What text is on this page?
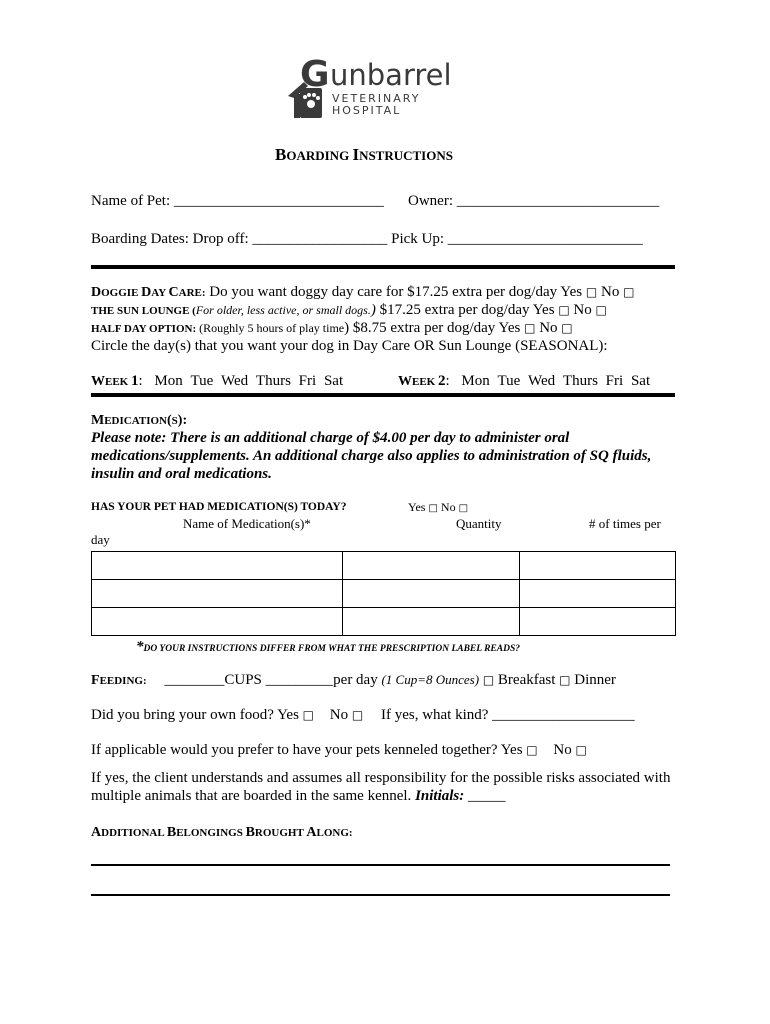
G unbarrel
VETERINARY
HOSPITAL
BOARDING INSTRUCTIONS
Name of Pet: ____________________________ Owner: ___________________________
Boarding Dates: Drop off: __________________ Pick Up: __________________________
DOGGIE DAY CARE: Do you want doggy day care for $17.25 extra per dog/day Yes □ No □
THE SUN LOUNGE (For older, less active, or small dogs.) $17.25 extra per dog/day Yes □ No □
HALF DAY OPTION: (Roughly 5 hours of play time) $8.75 extra per dog/day Yes □ No □
Circle the day(s) that you want your dog in Day Care OR Sun Lounge (SEASONAL):
WEEK 1: Mon Tue Wed Thurs Fri Sat	WEEK 2: Mon Tue Wed Thurs Fri Sat
MEDICATION(S):
Please note: There is an additional charge of $4.00 per day to administer oral
medications/supplements. An additional charge also applies to administration of SQ fluids,
insulin and oral medications.
HAS YOUR PET HAD MEDICATION(S) TODAY?	Yes □ No □
Name of Medication(s)*	Quantity	# of times per
day

*DO YOUR INSTRUCTIONS DIFFER FROM WHAT THE PRESCRIPTION LABEL READS?
FEEDING: ________CUPS _________per day (1 Cup=8 Ounces) □ Breakfast □ Dinner
Did you bring your own food? Yes □ No □ If yes, what kind? ___________________
If applicable would you prefer to have your pets kenneled together? Yes □ No □
If yes, the client understands and assumes all responsibility for the possible risks associated with
multiple animals that are boarded in the same kennel. Initials: _____
ADDITIONAL BELONGINGS BROUGHT ALONG:
